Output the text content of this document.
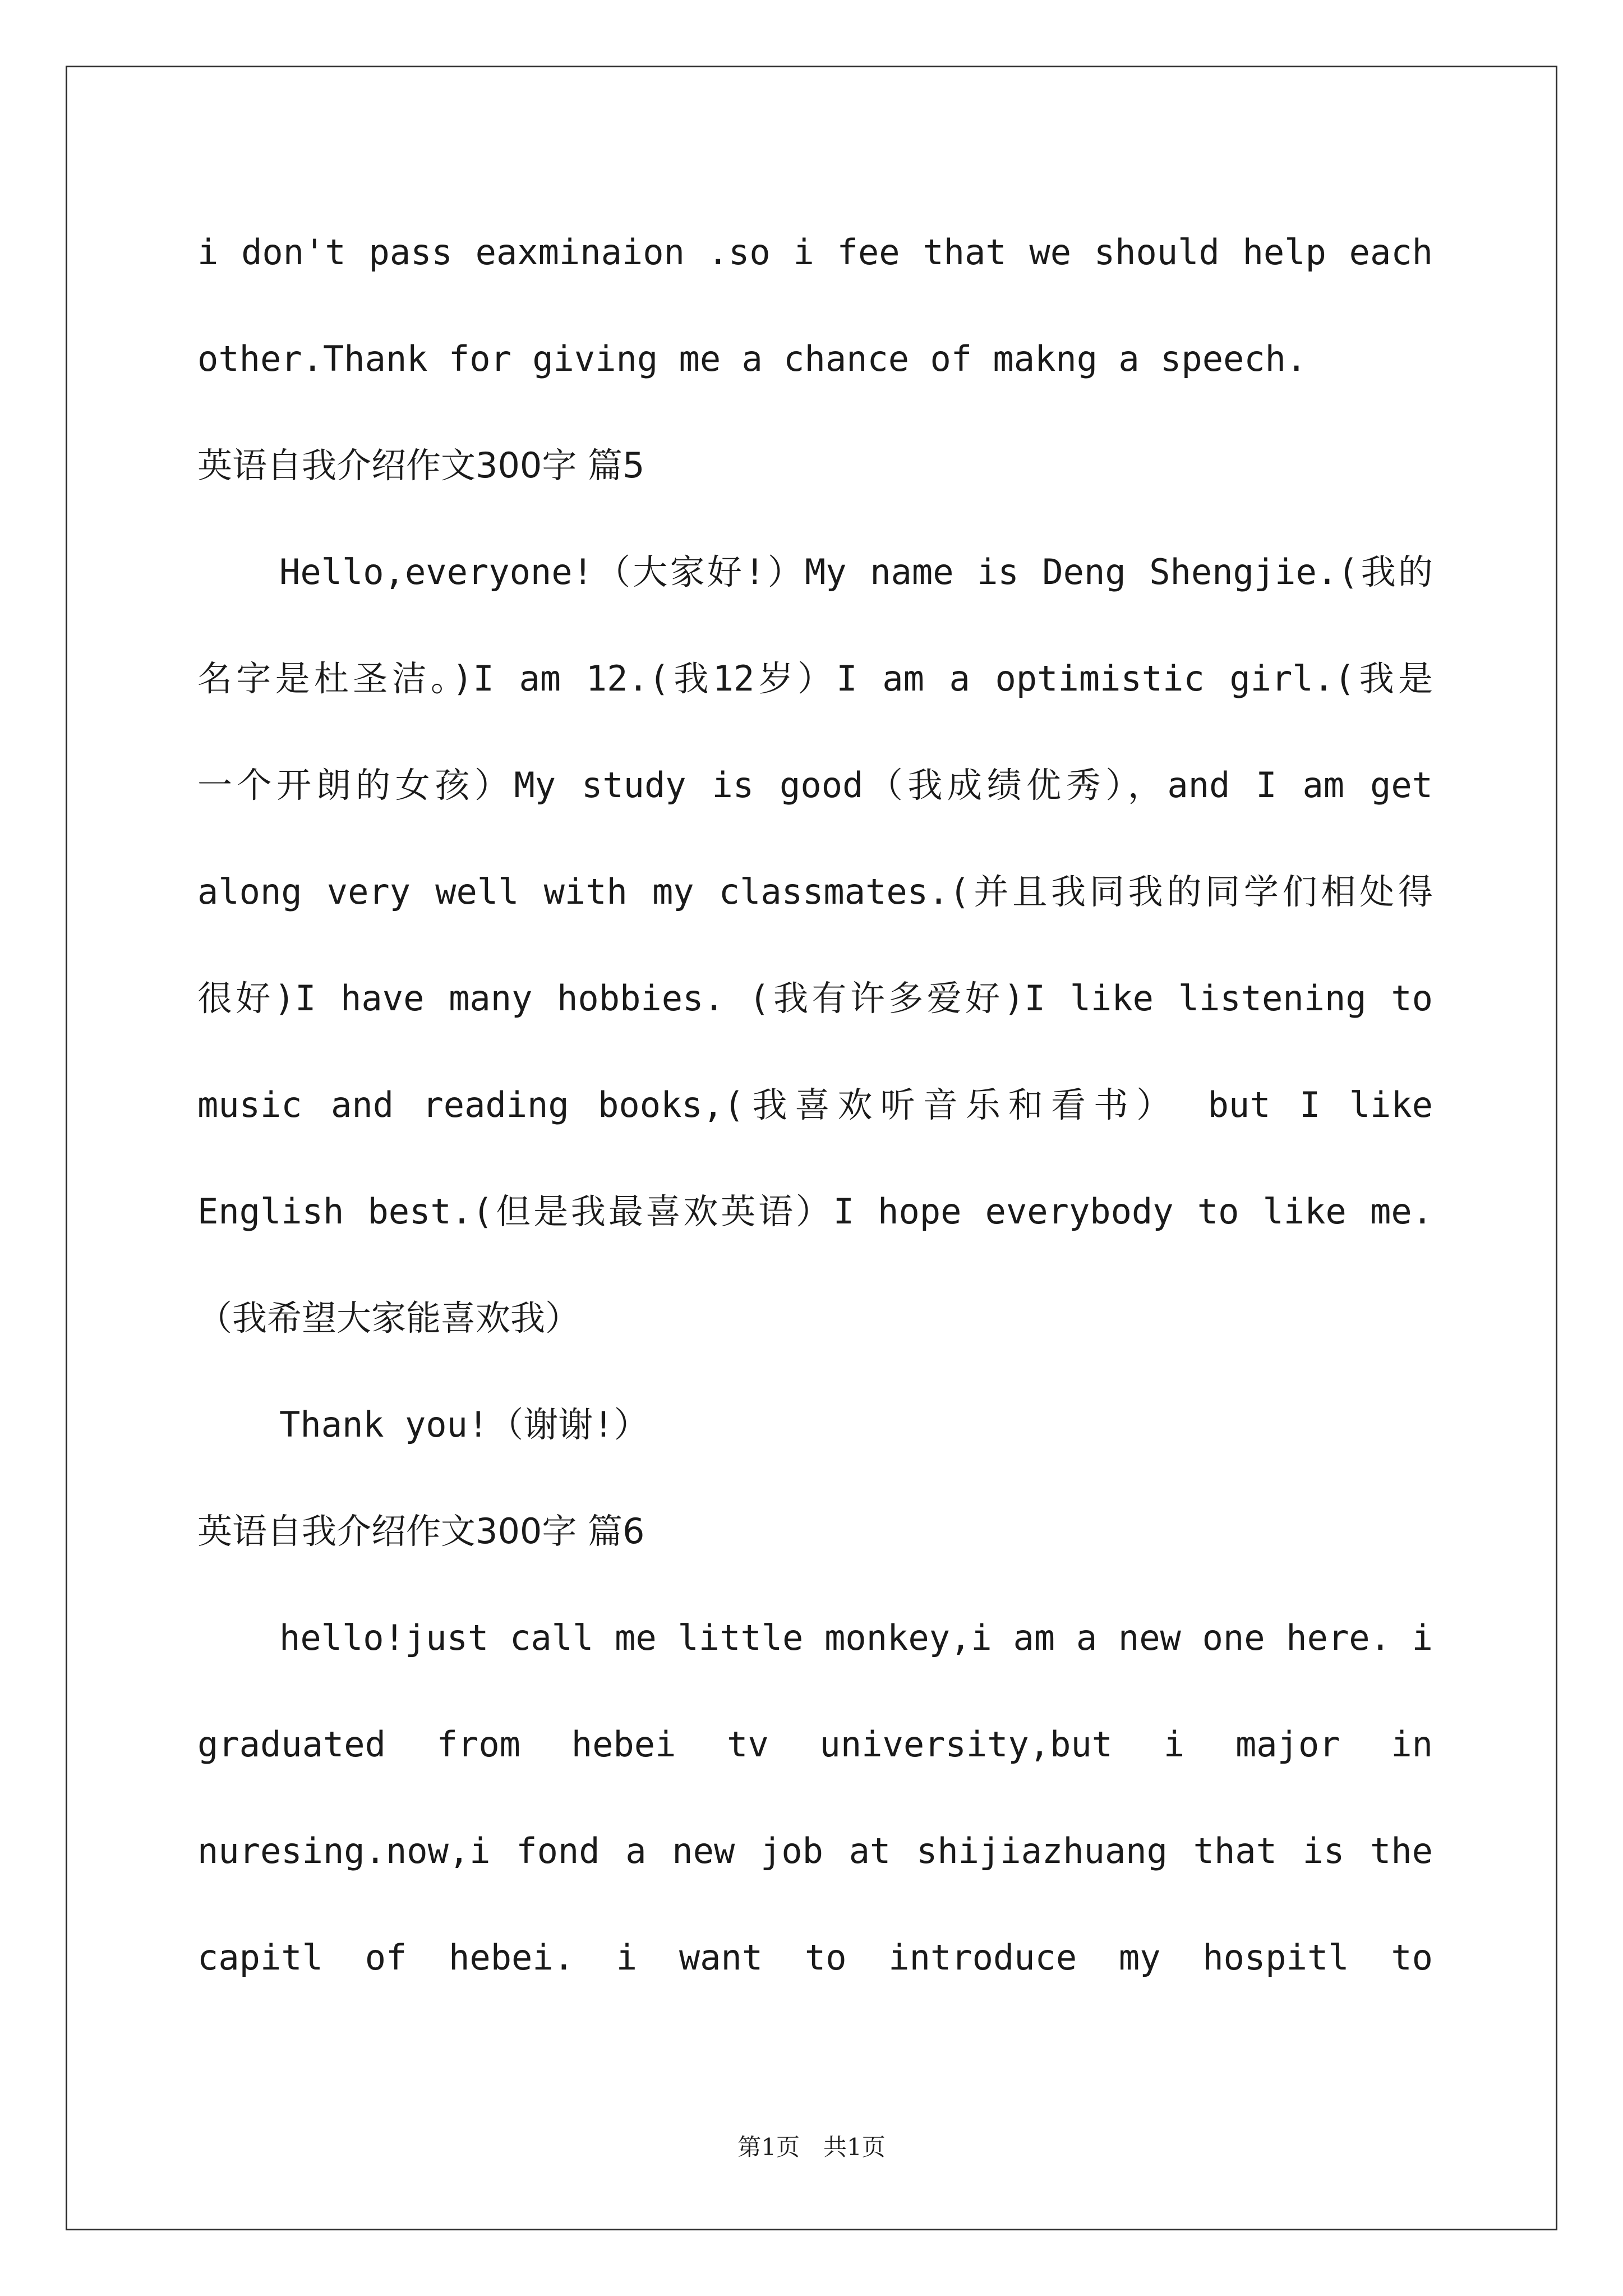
i don't pass eaxminaion .so i fee that we should help each

other.Thank for giving me a chance of makng a speech.

英语自我介绍作文300字 篇5

Hello,everyone!（大家好!）My name is Deng Shengjie.(我的

名字是杜圣洁。)I am 12.(我12岁）I am a optimistic girl.(我是

一个开朗的女孩）My study is good（我成绩优秀），and I am get

along very well with my classmates.(并且我同我的同学们相处得

很好)I have many hobbies. (我有许多爱好)I like listening to

music and reading books,(我喜欢听音乐和看书） but I like

English best.(但是我最喜欢英语）I hope everybody to like me.

（我希望大家能喜欢我）

Thank you!（谢谢!）

英语自我介绍作文300字 篇6

hello!just call me little monkey,i am a new one here. i

graduated from hebei tv university,but i major in

nuresing.now,i fond a new job at shijiazhuang that is the

capitl of hebei. i want to introduce my hospitl to

第1页　共1页
